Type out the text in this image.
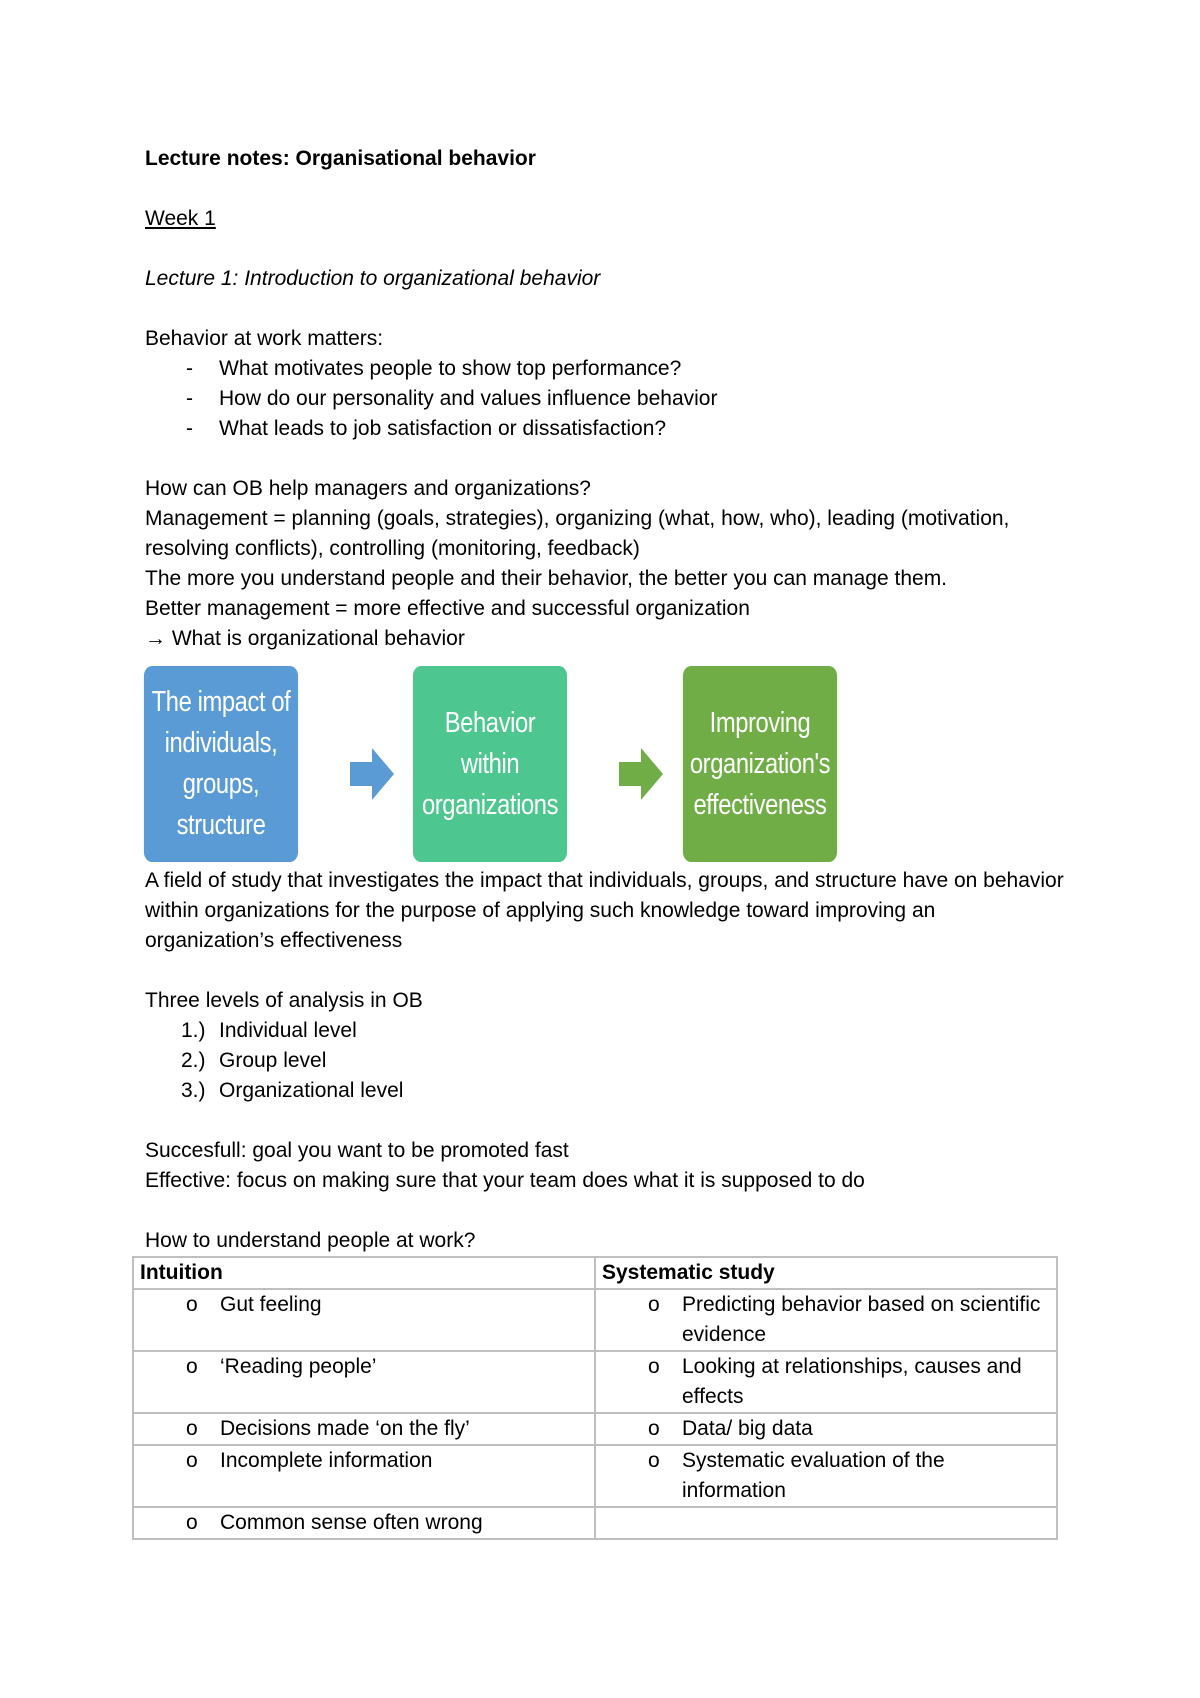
Lecture notes: Organisational behavior

Week 1

Lecture 1: Introduction to organizational behavior

Behavior at work matters:

- What motivates people to show top performance?
- How do our personality and values influence behavior
- What leads to job satisfaction or dissatisfaction?

How can OB help managers and organizations?

Management = planning (goals, strategies), organizing (what, how, who), leading (motivation, resolving conflicts), controlling (monitoring, feedback)

The more you understand people and their behavior, the better you can manage them.

Better management = more effective and successful organization

→ What is organizational behavior

The impact of individuals, groups, structure
Behavior within organizations
Improving organization's effectiveness

A field of study that investigates the impact that individuals, groups, and structure have on behavior within organizations for the purpose of applying such knowledge toward improving an organization’s effectiveness

Three levels of analysis in OB

1.) Individual level
2.) Group level
3.) Organizational level

Succesfull: goal you want to be promoted fast

Effective: focus on making sure that your team does what it is supposed to do

How to understand people at work?

Intuition	Systematic study

o Gut feeling	o Predicting behavior based on scientific evidence

o ‘Reading people’	o Looking at relationships, causes and effects

o Decisions made ‘on the fly’	o Data/ big data

o Incomplete information	o Systematic evaluation of the information

o Common sense often wrong	
